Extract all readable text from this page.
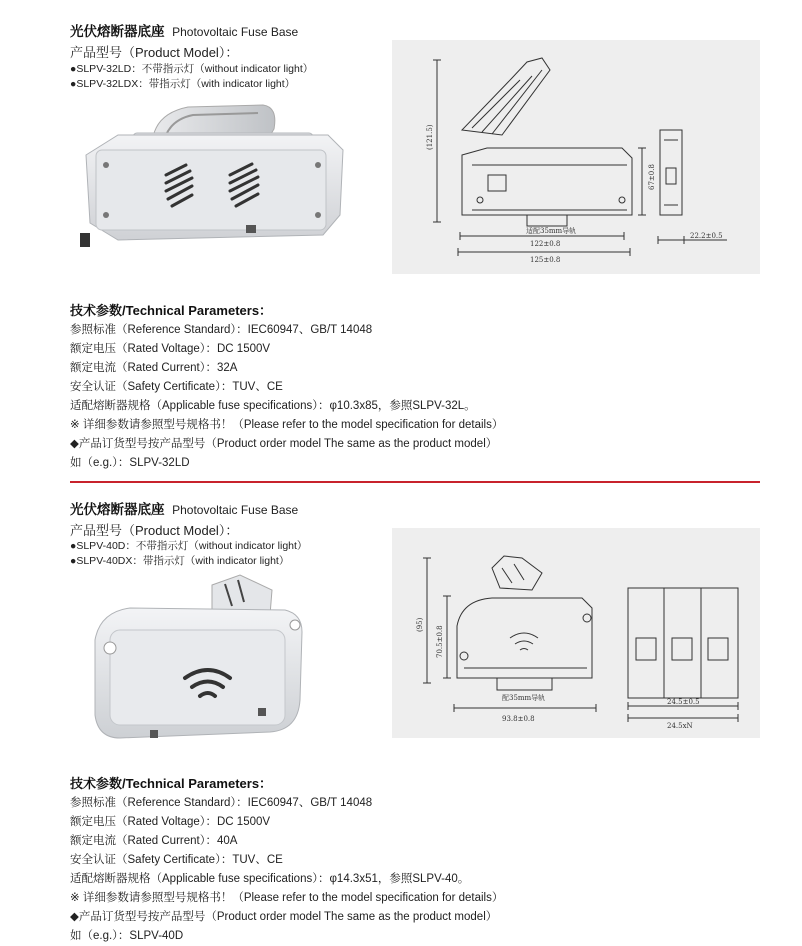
光伏熔断器底座 Photovoltaic Fuse Base
产品型号（Product Model）：
●SLPV-32LD：不带指示灯（without indicator light）
●SLPV-32LDX：带指示灯（with indicator light）
(121.5)
67±0.8
适配35mm导轨
122±0.8
125±0.8
22.2±0.5
技术参数/Technical Parameters：
参照标准（Reference Standard）：IEC60947、GB/T 14048
额定电压（Rated Voltage）：DC 1500V
额定电流（Rated Current）：32A
安全认证（Safety Certificate）：TUV、CE
适配熔断器规格（Applicable fuse specifications）：φ10.3x85，参照SLPV-32L。
※ 详细参数请参照型号规格书！（Please refer to the model specification for details）
◆产品订货型号按产品型号（Product order model The same as the product model）
如（e.g.）：SLPV-32LD
光伏熔断器底座 Photovoltaic Fuse Base
产品型号（Product Model）：
●SLPV-40D：不带指示灯（without indicator light）
●SLPV-40DX：带指示灯（with indicator light）
(95)
70.5±0.8
配35mm导轨
93.8±0.8
24.5±0.5
24.5xN
技术参数/Technical Parameters：
参照标准（Reference Standard）：IEC60947、GB/T 14048
额定电压（Rated Voltage）：DC 1500V
额定电流（Rated Current）：40A
安全认证（Safety Certificate）：TUV、CE
适配熔断器规格（Applicable fuse specifications）：φ14.3x51，参照SLPV-40。
※ 详细参数请参照型号规格书！（Please refer to the model specification for details）
◆产品订货型号按产品型号（Product order model The same as the product model）
如（e.g.）：SLPV-40D
